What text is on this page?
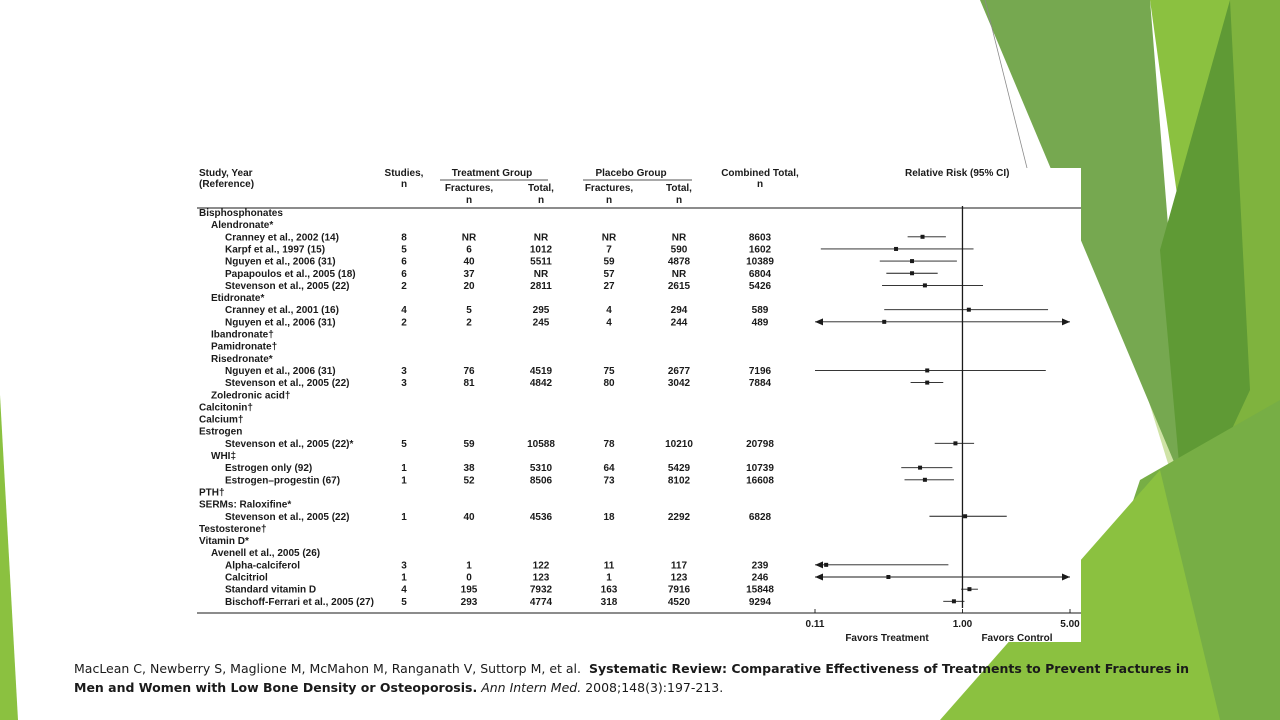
Study, Year
(Reference)
Studies,
n
Treatment Group	Placebo Group
Fractures,	Total,	Fractures,	Total,
n	n	n	n
Combined Total,
n
Relative Risk (95% CI)
Bisphosphonates
Alendronate*
Cranney et al., 2002 (14)	8	NR	NR	NR	NR	8603
Karpf et al., 1997 (15)	5	6	1012	7	590	1602
Nguyen et al., 2006 (31)	6	40	5511	59	4878	10389
Papapoulos et al., 2005 (18)	6	37	NR	57	NR	6804
Stevenson et al., 2005 (22)	2	20	2811	27	2615	5426
Etidronate*
Cranney et al., 2001 (16)	4	5	295	4	294	589
Nguyen et al., 2006 (31)	2	2	245	4	244	489
Ibandronate†
Pamidronate†
Risedronate*
Nguyen et al., 2006 (31)	3	76	4519	75	2677	7196
Stevenson et al., 2005 (22)	3	81	4842	80	3042	7884
Zoledronic acid†
Calcitonin†
Calcium†
Estrogen
Stevenson et al., 2005 (22)*	5	59	10588	78	10210	20798
WHI‡
Estrogen only (92)	1	38	5310	64	5429	10739
Estrogen–progestin (67)	1	52	8506	73	8102	16608
PTH†
SERMs: Raloxifine*
Stevenson et al., 2005 (22)	1	40	4536	18	2292	6828
Testosterone†
Vitamin D*
Avenell et al., 2005 (26)
Alpha-calciferol	3	1	122	11	117	239
Calcitriol	1	0	123	1	123	246
Standard vitamin D	4	195	7932	163	7916	15848
Bischoff-Ferrari et al., 2005 (27)	5	293	4774	318	4520	9294
0.11	1.00	5.00
Favors Treatment	Favors Control
MacLean C, Newberry S, Maglione M, McMahon M, Ranganath V, Suttorp M, et al. Systematic Review: Comparative Effectiveness of Treatments to Prevent Fractures in Men and Women with Low Bone Density or Osteoporosis. Ann Intern Med. 2008;148(3):197-213.
